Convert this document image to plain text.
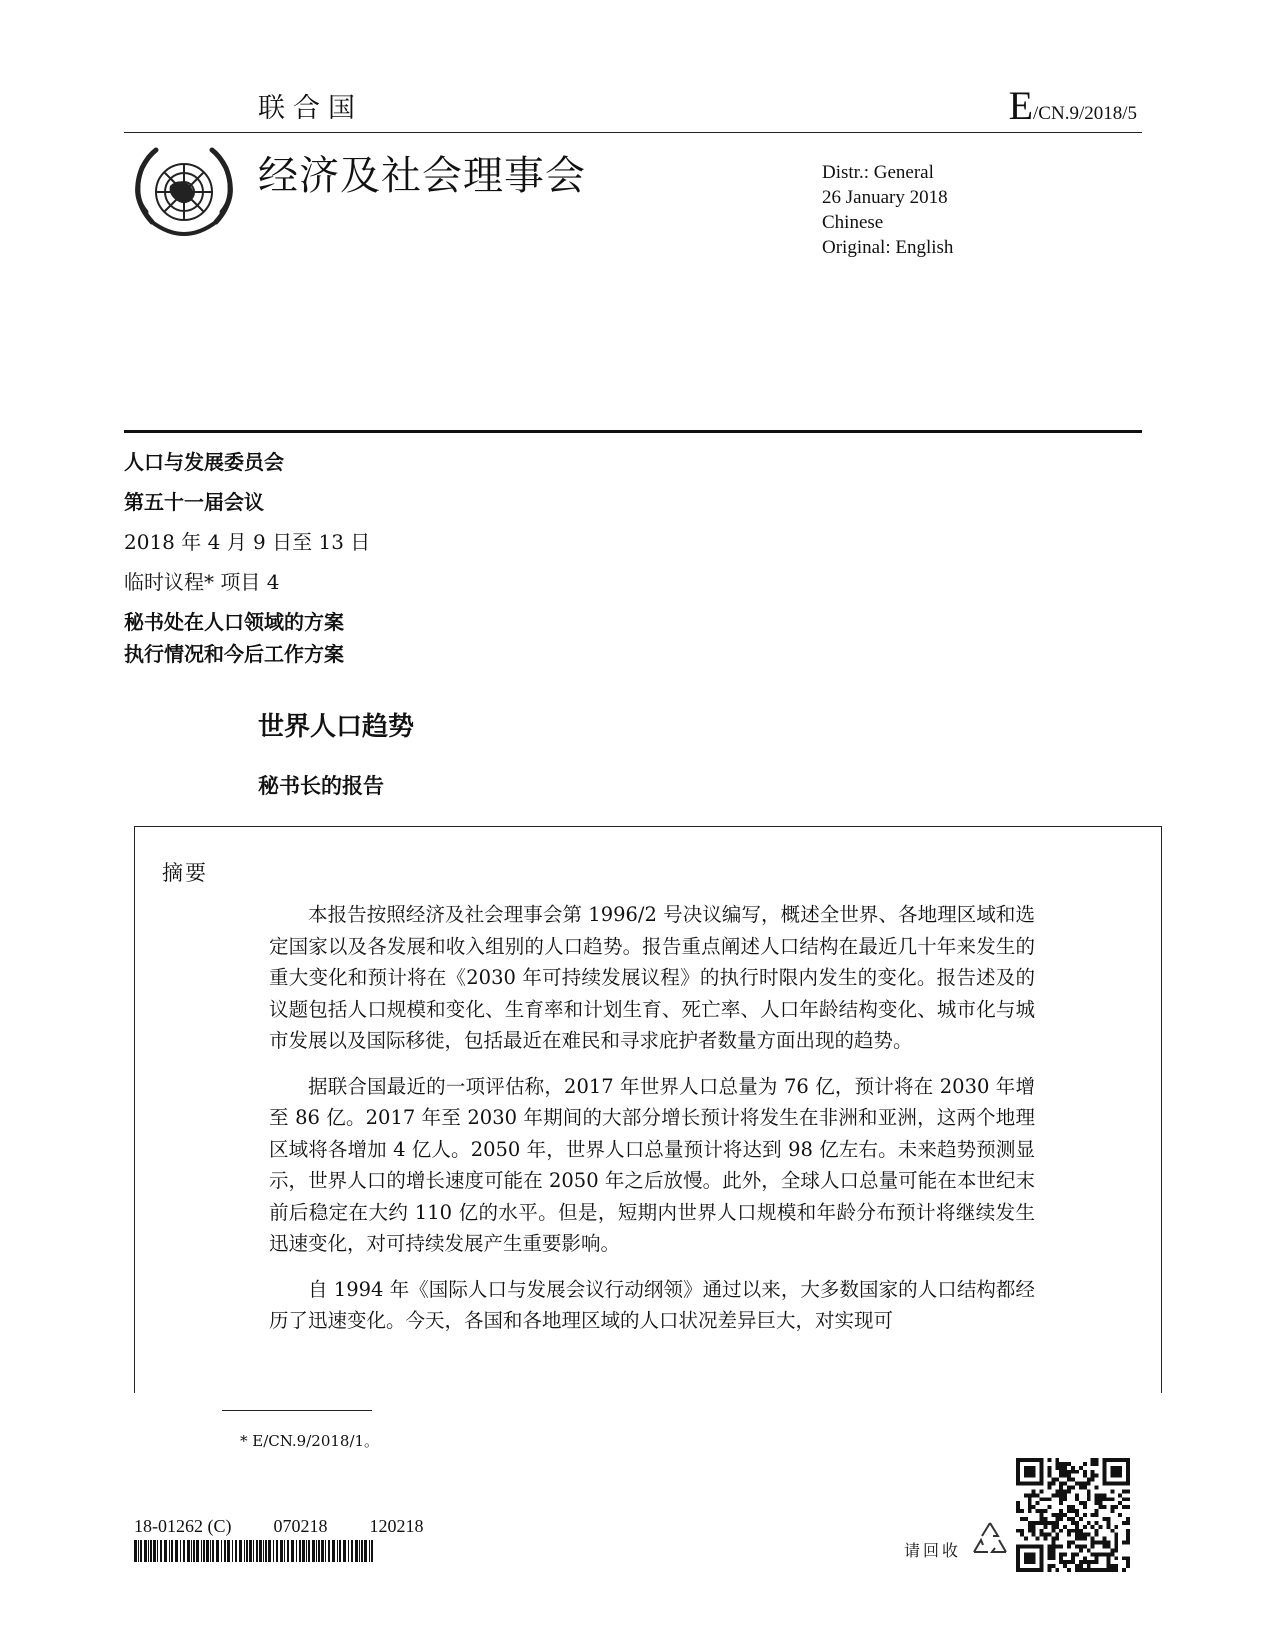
联合国	E/CN.9/2018/5
经济及社会理事会	Distr.: General
26 January 2018
Chinese
Original: English
人口与发展委员会
第五十一届会议
2018 年 4 月 9 日至 13 日
临时议程* 项目 4
秘书处在人口领域的方案
执行情况和今后工作方案
世界人口趋势
秘书长的报告
摘要

本报告按照经济及社会理事会第 1996/2 号决议编写，概述全世界、各地理区域和选定国家以及各发展和收入组别的人口趋势。报告重点阐述人口结构在最近几十年来发生的重大变化和预计将在《2030 年可持续发展议程》的执行时限内发生的变化。报告述及的议题包括人口规模和变化、生育率和计划生育、死亡率、人口年龄结构变化、城市化与城市发展以及国际移徙，包括最近在难民和寻求庇护者数量方面出现的趋势。

据联合国最近的一项评估称，2017 年世界人口总量为 76 亿，预计将在 2030 年增至 86 亿。2017 年至 2030 年期间的大部分增长预计将发生在非洲和亚洲，这两个地理区域将各增加 4 亿人。2050 年，世界人口总量预计将达到 98 亿左右。未来趋势预测显示，世界人口的增长速度可能在 2050 年之后放慢。此外，全球人口总量可能在本世纪末前后稳定在大约 110 亿的水平。但是，短期内世界人口规模和年龄分布预计将继续发生迅速变化，对可持续发展产生重要影响。

自 1994 年《国际人口与发展会议行动纲领》通过以来，大多数国家的人口结构都经历了迅速变化。今天，各国和各地理区域的人口状况差异巨大，对实现可

* E/CN.9/2018/1。
18-01262 (C) 070218 120218
请回收
